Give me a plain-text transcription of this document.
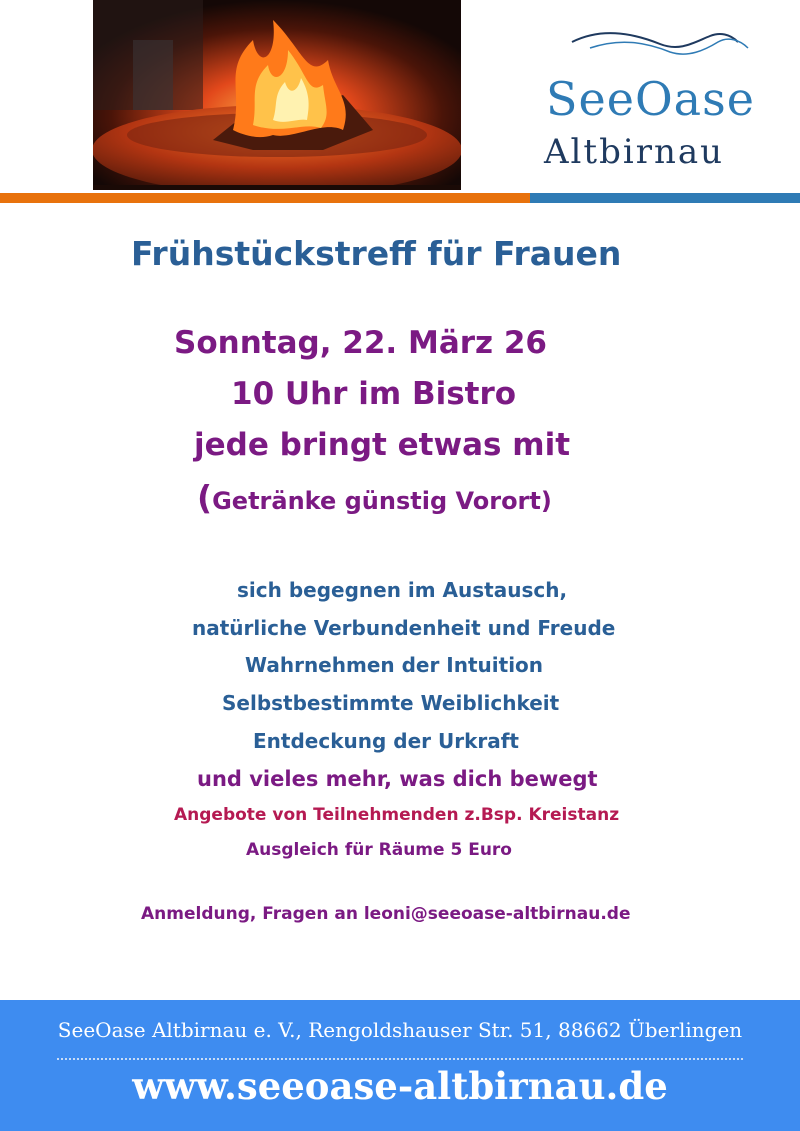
SeeOase
Altbirnau
Frühstückstreff für Frauen
Sonntag, 22. März 26
10 Uhr im Bistro
jede bringt etwas mit
(Getränke günstig Vorort)
sich begegnen im Austausch,
natürliche Verbundenheit und Freude
Wahrnehmen der Intuition
Selbstbestimmte Weiblichkeit
Entdeckung der Urkraft
und vieles mehr, was dich bewegt
Angebote von Teilnehmenden z.Bsp. Kreistanz
Ausgleich für Räume 5 Euro
Anmeldung, Fragen an leoni@seeoase-altbirnau.de
SeeOase Altbirnau e. V., Rengoldshauser Str. 51, 88662 Überlingen
www.seeoase-altbirnau.de
